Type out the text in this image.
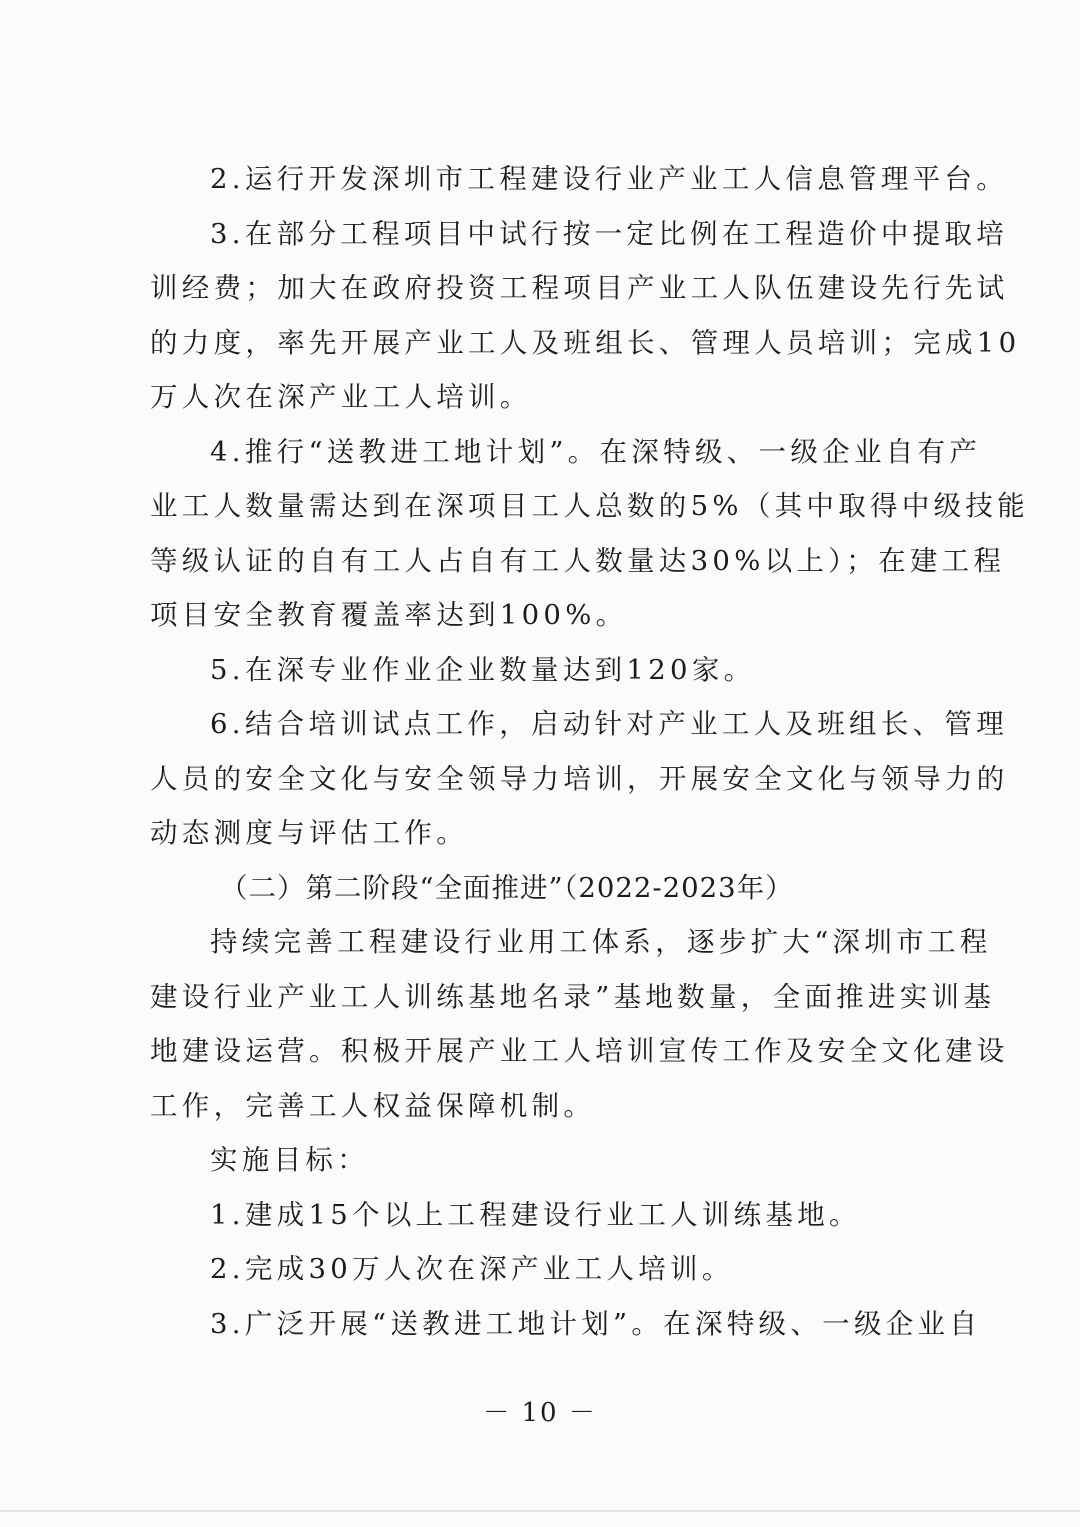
2.运行开发深圳市工程建设行业产业工人信息管理平台。
3.在部分工程项目中试行按一定比例在工程造价中提取培
训经费；加大在政府投资工程项目产业工人队伍建设先行先试
的力度，率先开展产业工人及班组长、管理人员培训；完成10
万人次在深产业工人培训。
4.推行“送教进工地计划”。在深特级、一级企业自有产
业工人数量需达到在深项目工人总数的5%（其中取得中级技能
等级认证的自有工人占自有工人数量达30%以上）；在建工程
项目安全教育覆盖率达到100%。
5.在深专业作业企业数量达到120家。
6.结合培训试点工作，启动针对产业工人及班组长、管理
人员的安全文化与安全领导力培训，开展安全文化与领导力的
动态测度与评估工作。
（二）第二阶段“全面推进”（2022-2023年）
持续完善工程建设行业用工体系，逐步扩大“深圳市工程
建设行业产业工人训练基地名录”基地数量，全面推进实训基
地建设运营。积极开展产业工人培训宣传工作及安全文化建设
工作，完善工人权益保障机制。
实施目标：
1.建成15个以上工程建设行业工人训练基地。
2.完成30万人次在深产业工人培训。
3.广泛开展“送教进工地计划”。在深特级、一级企业自
－ 10 －
